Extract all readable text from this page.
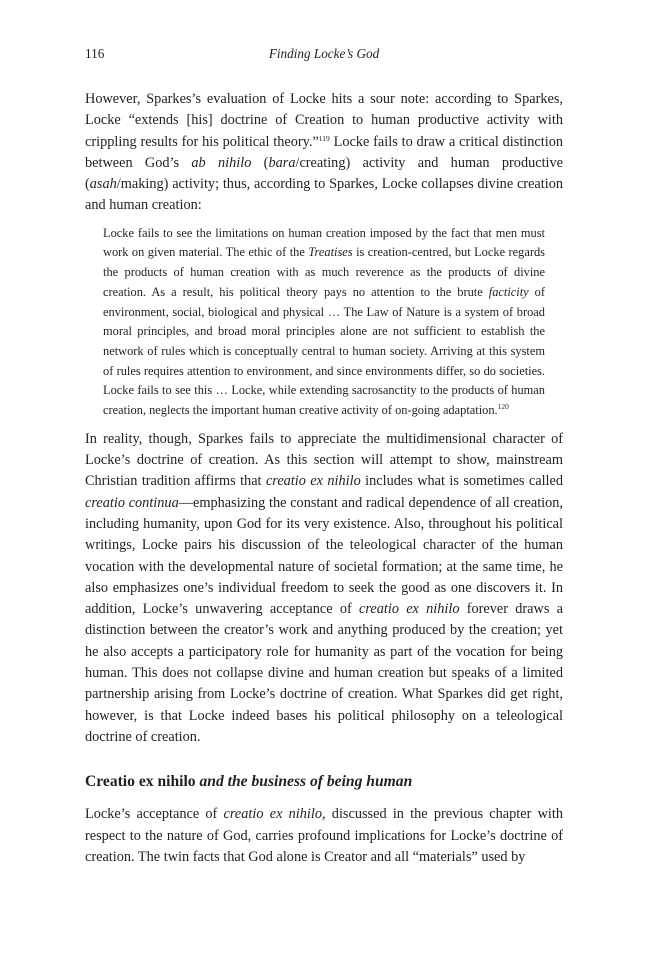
116	Finding Locke’s God

However, Sparkes’s evaluation of Locke hits a sour note: according to Sparkes, Locke “extends [his] doctrine of Creation to human productive activity with crippling results for his political theory.”$^{119}$ Locke fails to draw a critical distinction between God’s ab nihilo (bara/creating) activity and human productive (asah/making) activity; thus, according to Sparkes, Locke collapses divine creation and human creation:

Locke fails to see the limitations on human creation imposed by the fact that men must work on given material. The ethic of the Treatises is creation-centred, but Locke regards the products of human creation with as much reverence as the products of divine creation. As a result, his political theory pays no attention to the brute facticity of environment, social, biological and physical … The Law of Nature is a system of broad moral principles, and broad moral principles alone are not sufficient to establish the network of rules which is conceptually central to human society. Arriving at this system of rules requires attention to environment, and since environments differ, so do societies. Locke fails to see this … Locke, while extending sacrosanctity to the products of human creation, neglects the important human creative activity of on-going adaptation.$^{120}$

In reality, though, Sparkes fails to appreciate the multidimensional character of Locke’s doctrine of creation. As this section will attempt to show, mainstream Christian tradition affirms that creatio ex nihilo includes what is sometimes called creatio continua—emphasizing the constant and radical dependence of all creation, including humanity, upon God for its very existence. Also, throughout his political writings, Locke pairs his discussion of the teleological character of the human vocation with the developmental nature of societal formation; at the same time, he also emphasizes one’s individual freedom to seek the good as one discovers it. In addition, Locke’s unwavering acceptance of creatio ex nihilo forever draws a distinction between the creator’s work and anything produced by the creation; yet he also accepts a participatory role for humanity as part of the vocation for being human. This does not collapse divine and human creation but speaks of a limited partnership arising from Locke’s doctrine of creation. What Sparkes did get right, however, is that Locke indeed bases his political philosophy on a teleological doctrine of creation.

Creatio ex nihilo and the business of being human

Locke’s acceptance of creatio ex nihilo, discussed in the previous chapter with respect to the nature of God, carries profound implications for Locke’s doctrine of creation. The twin facts that God alone is Creator and all “materials” used by
